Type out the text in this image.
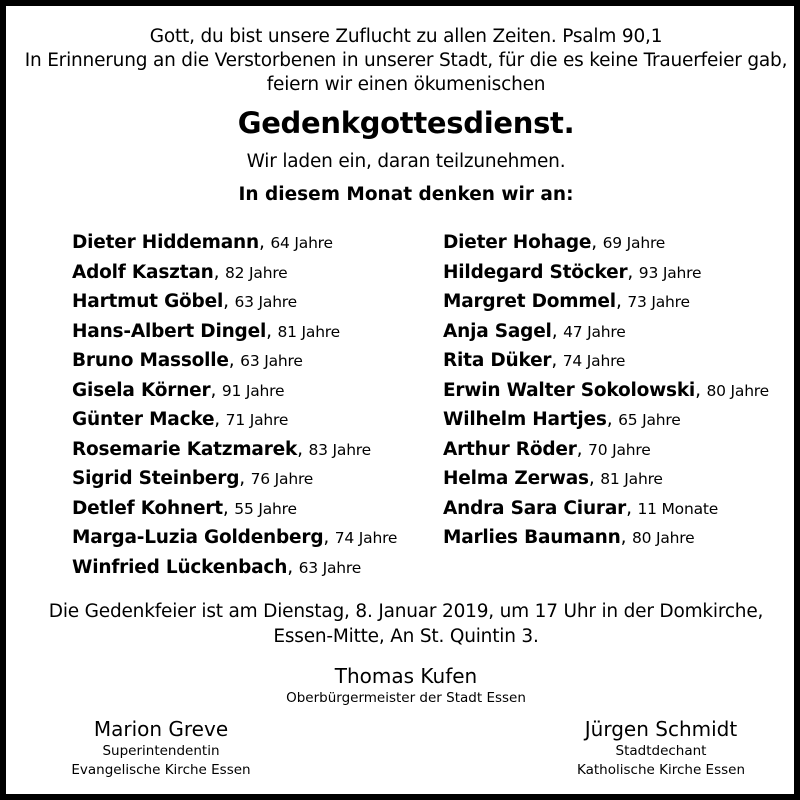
Gott, du bist unsere Zuflucht zu allen Zeiten. Psalm 90,1
In Erinnerung an die Verstorbenen in unserer Stadt, für die es keine Trauerfeier gab,
feiern wir einen ökumenischen
Gedenkgottesdienst.
Wir laden ein, daran teilzunehmen.
In diesem Monat denken wir an:
Dieter Hiddemann, 64 Jahre
Adolf Kasztan, 82 Jahre
Hartmut Göbel, 63 Jahre
Hans-Albert Dingel, 81 Jahre
Bruno Massolle, 63 Jahre
Gisela Körner, 91 Jahre
Günter Macke, 71 Jahre
Rosemarie Katzmarek, 83 Jahre
Sigrid Steinberg, 76 Jahre
Detlef Kohnert, 55 Jahre
Marga-Luzia Goldenberg, 74 Jahre
Winfried Lückenbach, 63 Jahre
Dieter Hohage, 69 Jahre
Hildegard Stöcker, 93 Jahre
Margret Dommel, 73 Jahre
Anja Sagel, 47 Jahre
Rita Düker, 74 Jahre
Erwin Walter Sokolowski, 80 Jahre
Wilhelm Hartjes, 65 Jahre
Arthur Röder, 70 Jahre
Helma Zerwas, 81 Jahre
Andra Sara Ciurar, 11 Monate
Marlies Baumann, 80 Jahre
Die Gedenkfeier ist am Dienstag, 8. Januar 2019, um 17 Uhr in der Domkirche,
Essen-Mitte, An St. Quintin 3.
Thomas Kufen
Oberbürgermeister der Stadt Essen
Marion Greve
Superintendentin
Evangelische Kirche Essen
Jürgen Schmidt
Stadtdechant
Katholische Kirche Essen
